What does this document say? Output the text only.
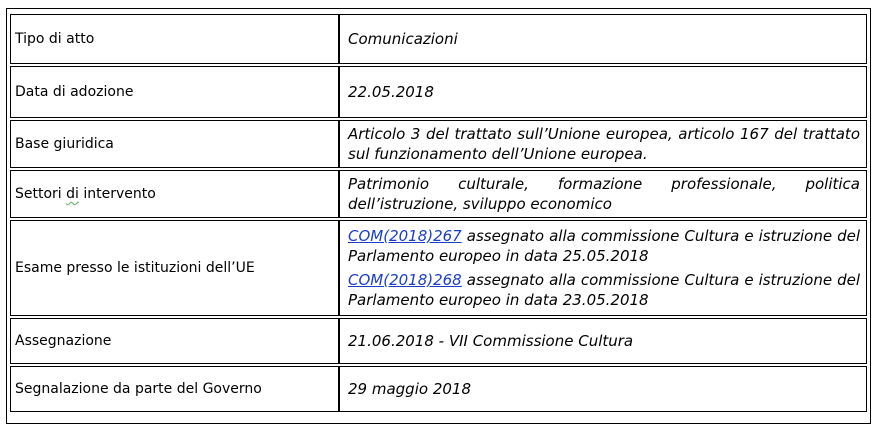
Tipo di atto	Comunicazioni
Data di adozione	22.05.2018
Base giuridica	Articolo 3 del trattato sull’Unione europea, articolo 167 del trattato sul funzionamento dell’Unione europea.
Settori di intervento	Patrimonio culturale, formazione professionale, politica dell’istruzione, sviluppo economico
Esame presso le istituzioni dell’UE	COM(2018)267 assegnato alla commissione Cultura e istruzione del Parlamento europeo in data 25.05.2018
COM(2018)268 assegnato alla commissione Cultura e istruzione del Parlamento europeo in data 23.05.2018

Assegnazione	21.06.2018 - VII Commissione Cultura
Segnalazione da parte del Governo	29 maggio 2018
